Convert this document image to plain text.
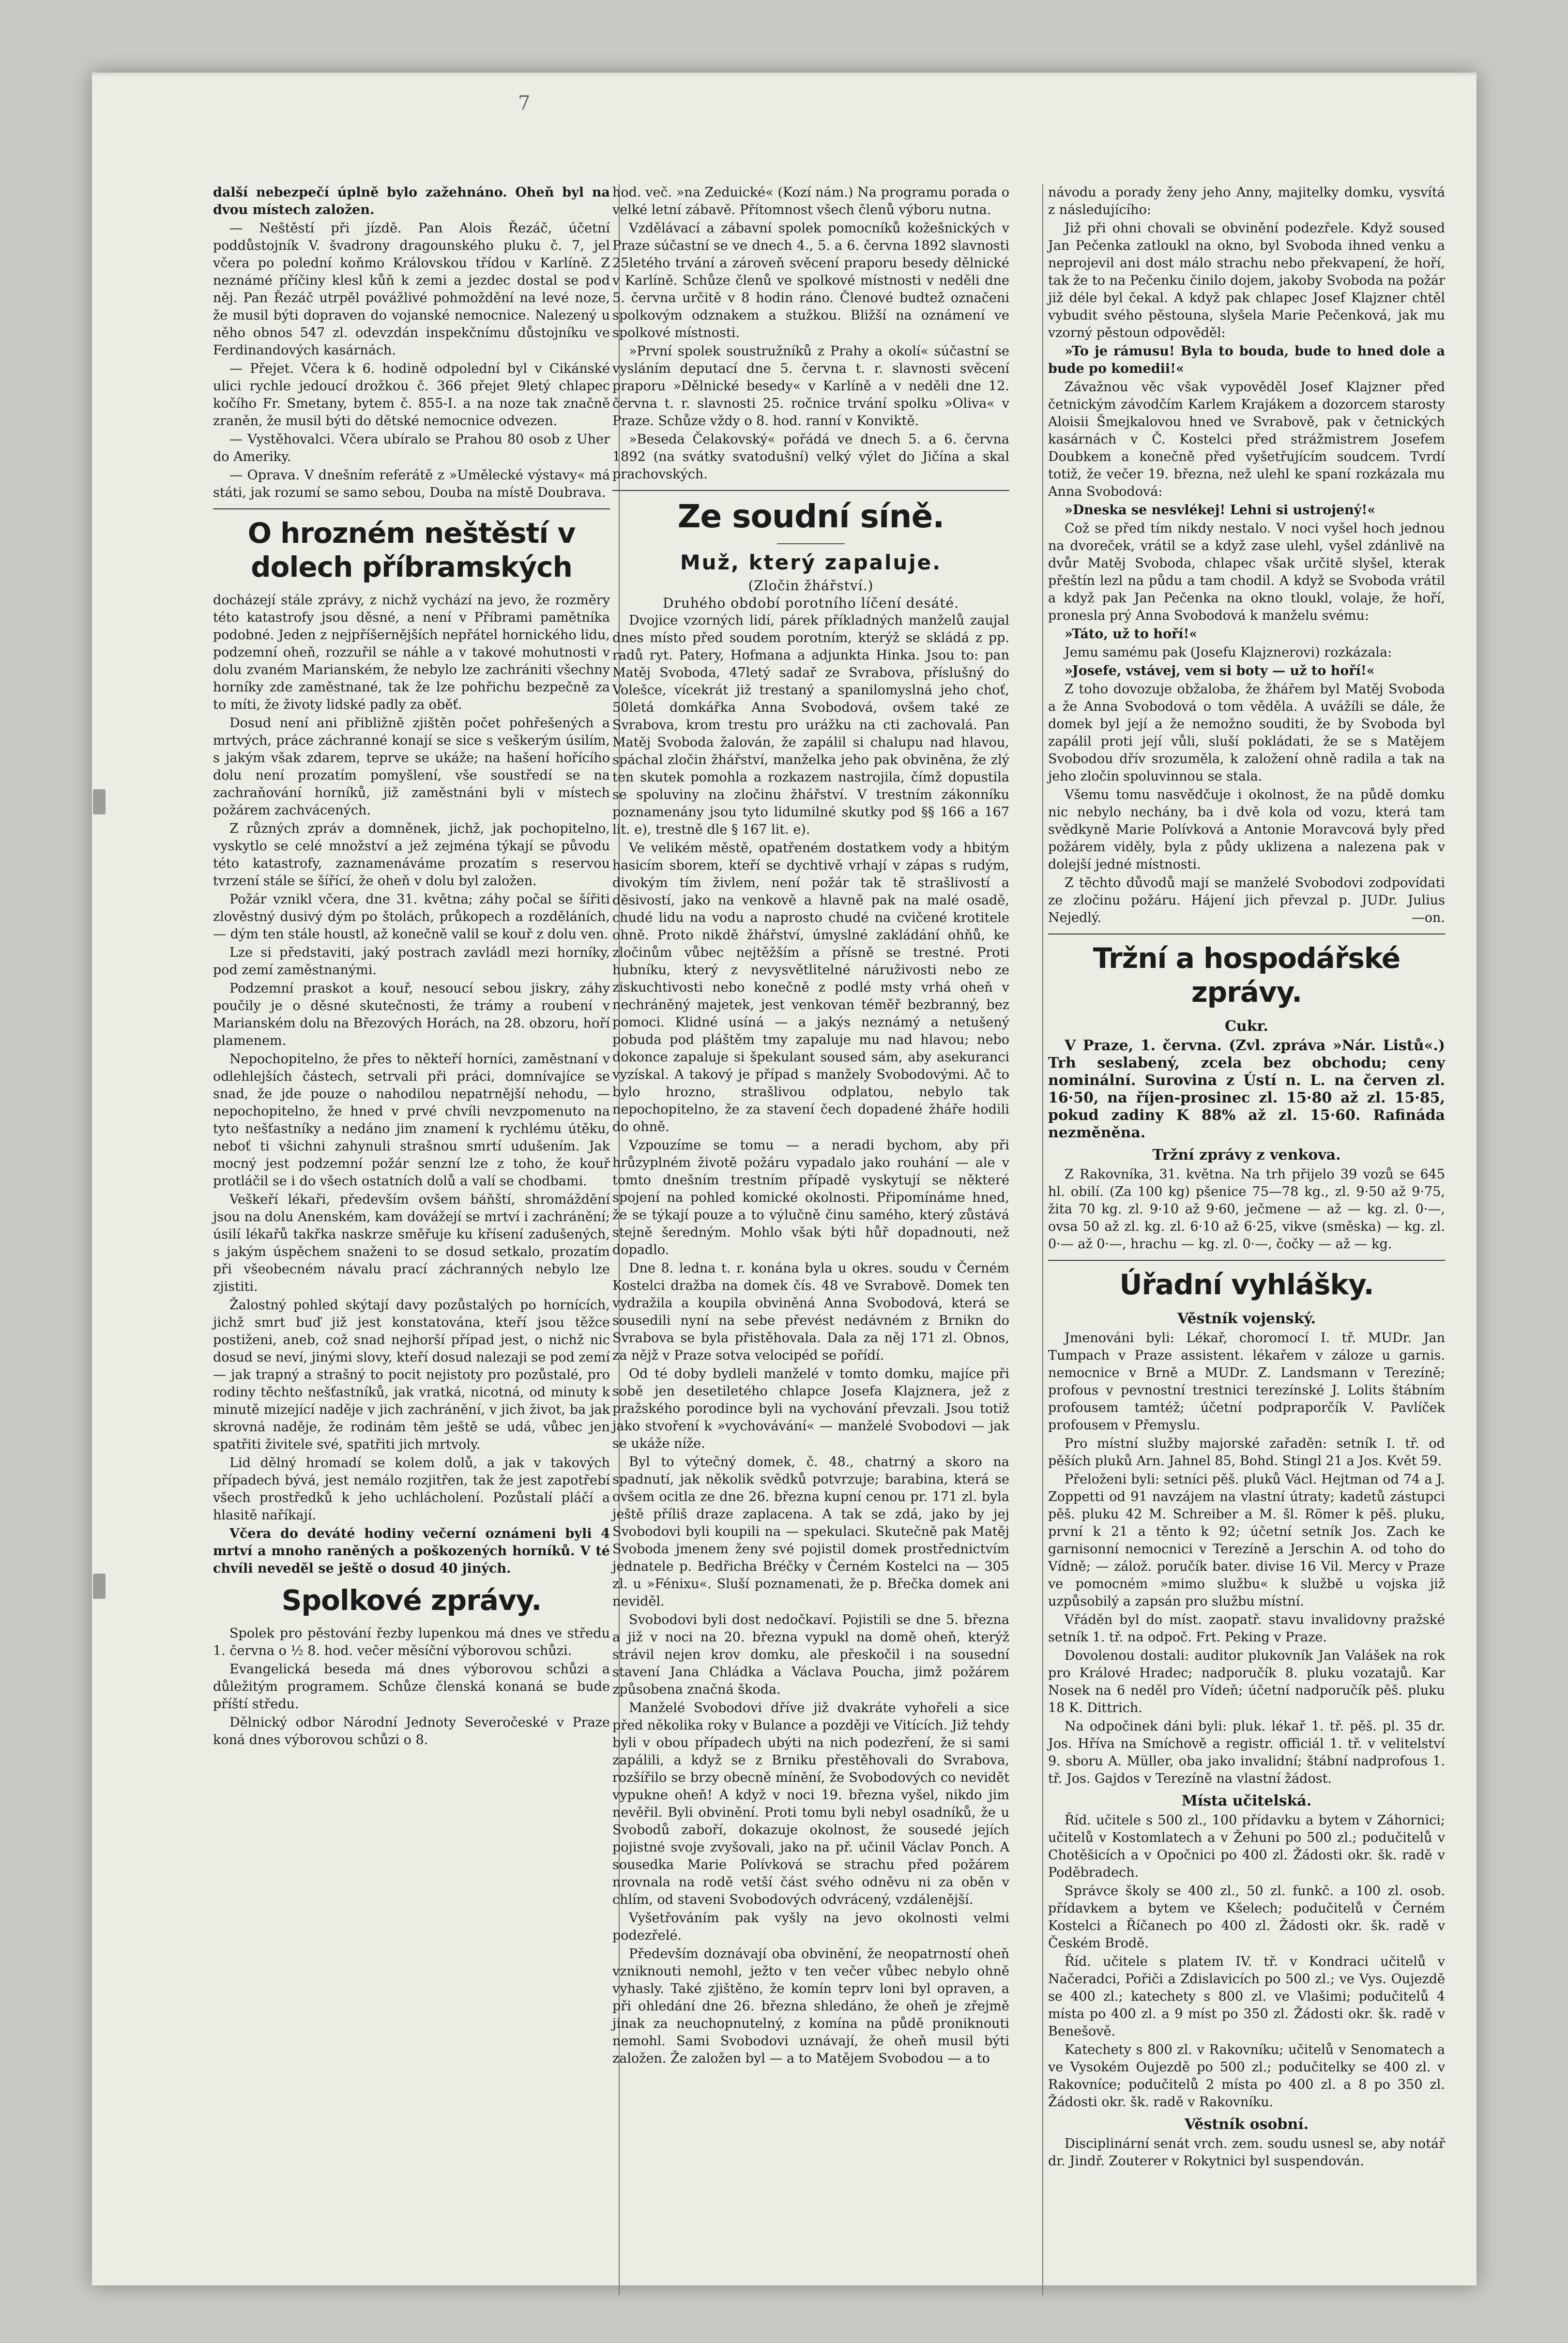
7

další nebezpečí úplně bylo zažehnáno. Oheň byl na dvou místech založen.

— Neštěstí při jízdě. Pan Alois Řezáč, účetní poddůstojník V. švadrony dragounského pluku č. 7, jel včera po polední koňmo Královskou třídou v Karlíně. Z neznámé příčiny klesl kůň k zemi a jezdec dostal se pod něj. Pan Řezáč utrpěl povážlivé pohmoždění na levé noze, že musil býti dopraven do vojanské nemocnice. Nalezený u něho obnos 547 zl. odevzdán inspekčnímu důstojníku ve Ferdinandových kasárnách.

— Přejet. Včera k 6. hodině odpolední byl v Cikánské ulici rychle jedoucí drožkou č. 366 přejet 9letý chlapec kočího Fr. Smetany, bytem č. 855-I. a na noze tak značně zraněn, že musil býti do dětské nemocnice odvezen.

— Vystěhovalci. Včera ubíralo se Prahou 80 osob z Uher do Ameriky.

— Oprava. V dnešním referátě z »Umělecké výstavy« má státi, jak rozumí se samo sebou, Douba na místě Doubrava.

O hrozném neštěstí v dolech příbramských

docházejí stále zprávy, z nichž vychází na jevo, že rozměry této katastrofy jsou děsné, a není v Příbrami pamětníka podobné. Jeden z nejpříšernějších nepřátel hornického lidu, podzemní oheň, rozzuřil se náhle a v takové mohutnosti v dolu zvaném Marianském, že nebylo lze zachrániti všechny horníky zde zaměstnané, tak že lze pohřichu bezpečně za to míti, že životy lidské padly za oběť.

Dosud není ani přibližně zjištěn počet pohřešených a mrtvých, práce záchranné konají se sice s veškerým úsilím, s jakým však zdarem, teprve se ukáže; na hašení hořícího dolu není prozatím pomyšlení, vše soustředí se na zachraňování horníků, již zaměstnáni byli v místech požárem zachvácených.

Z různých zpráv a domněnek, jichž, jak pochopitelno, vyskytlo se celé množství a jež zejména týkají se původu této katastrofy, zaznamenáváme prozatím s reservou tvrzení stále se šířící, že oheň v dolu byl založen.

Požár vznikl včera, dne 31. května; záhy počal se šířiti zlověstný dusivý dým po štolách, průkopech a rozděláních, — dým ten stále houstl, až konečně valil se kouř z dolu ven.

Lze si představiti, jaký postrach zavládl mezi horníky, pod zemí zaměstnanými.

Podzemní praskot a kouř, nesoucí sebou jiskry, záhy poučily je o děsné skutečnosti, že trámy a roubení v Marianském dolu na Březových Horách, na 28. obzoru, hoří plamenem.

Nepochopitelno, že přes to někteří horníci, zaměstnaní v odlehlejších částech, setrvali při práci, domnívajíce se snad, že jde pouze o nahodilou nepatrnější nehodu, — nepochopitelno, že hned v prvé chvíli nevzpomenuto na tyto nešťastníky a nedáno jim znamení k rychlému útěku, neboť ti všichni zahynuli strašnou smrtí udušením. Jak mocný jest podzemní požár senzní lze z toho, že kouř protláčil se i do všech ostatních dolů a valí se chodbami.

Veškeří lékaři, především ovšem báňští, shromáždění jsou na dolu Anenském, kam dovážejí se mrtví i zachránění; úsilí lékařů takřka naskrze směřuje ku křísení zadušených, s jakým úspěchem snaženi to se dosud setkalo, prozatím při všeobecném návalu prací záchranných nebylo lze zjistiti.

Žalostný pohled skýtají davy pozůstalých po hornících, jichž smrt buď již jest konstatována, kteří jsou těžce postiženi, aneb, což snad nejhorší případ jest, o nichž nic dosud se neví, jinými slovy, kteří dosud nalezaji se pod zemí — jak trapný a strašný to pocit nejistoty pro pozůstalé, pro rodiny těchto nešťastníků, jak vratká, nicotná, od minuty k minutě mizející naděje v jich zachránění, v jich život, ba jak skrovná naděje, že rodinám těm ještě se udá, vůbec jen spatřiti živitele své, spatřiti jich mrtvoly.

Lid dělný hromadí se kolem dolů, a jak v takových případech bývá, jest nemálo rozjitřen, tak že jest zapotřebí všech prostředků k jeho uchlácholení. Pozůstalí pláčí a hlasitě naříkají.

Včera do deváté hodiny večerní oznámeni byli 4 mrtví a mnoho raněných a poškozených horníků. V té chvíli neveděl se ještě o dosud 40 jiných.

Spolkové zprávy.

Spolek pro pěstování řezby lupenkou má dnes ve středu 1. června o ½ 8. hod. večer měsíční výborovou schůzi.

Evangelická beseda má dnes výborovou schůzi a důležitým programem. Schůze členská konaná se bude příští středu.

Dělnický odbor Národní Jednoty Severočeské v Praze koná dnes výborovou schůzi o 8.

hod. več. »na Zeduické« (Kozí nám.) Na programu porada o velké letní zábavě. Přítomnost všech členů výboru nutna.

Vzdělávací a zábavní spolek pomocníků kožešnických v Praze súčastní se ve dnech 4., 5. a 6. června 1892 slavnosti 25letého trvání a zároveň svěcení praporu besedy dělnické v Karlíně. Schůze členů ve spolkové místnosti v neděli dne 5. června určitě v 8 hodin ráno. Členové budtež označeni spolkovým odznakem a stužkou. Bližší na oznámení ve spolkové místnosti.

»První spolek soustružníků z Prahy a okolí« súčastní se vysláním deputací dne 5. června t. r. slavnosti svěcení praporu »Dělnické besedy« v Karlíně a v neděli dne 12. června t. r. slavnosti 25. ročnice trvání spolku »Oliva« v Praze. Schůze vždy o 8. hod. ranní v Konviktě.

»Beseda Čelakovský« pořádá ve dnech 5. a 6. června 1892 (na svátky svatodušní) velký výlet do Jičína a skal prachovských.

Ze soudní síně.
Muž, který zapaluje.
(Zločin žhářství.)
Druhého období porotního líčení desáté.

Dvojice vzorných lidí, párek příkladných manželů zaujal dnes místo před soudem porotním, kterýž se skládá z pp. radů ryt. Patery, Hofmana a adjunkta Hinka. Jsou to: pan Matěj Svoboda, 47letý sadař ze Svrabova, příslušný do Volešce, vícekrát již trestaný a spanilomyslná jeho choť, 50letá domkářka Anna Svobodová, ovšem také ze Svrabova, krom trestu pro urážku na cti zachovalá. Pan Matěj Svoboda žalován, že zapálil si chalupu nad hlavou, spáchal zločin žhářství, manželka jeho pak obviněna, že zlý ten skutek pomohla a rozkazem nastrojila, čímž dopustila se spoluviny na zločinu žhářství. V trestním zákonníku poznamenány jsou tyto lidumilné skutky pod §§ 166 a 167 lit. e), trestně dle § 167 lit. e).

Ve velikém městě, opatřeném dostatkem vody a hbitým hasicím sborem, kteří se dychtivě vrhají v zápas s rudým, divokým tím živlem, není požár tak tě strašlivostí a děsivostí, jako na venkově a hlavně pak na malé osadě, chudé lidu na vodu a naprosto chudé na cvičené krotitele ohně. Proto nikdě žhářství, úmyslné zakládání ohňů, ke zločinům vůbec nejtěžším a přísně se trestné. Proti hubníku, který z nevysvětlitelné náruživosti nebo ze ziskuchtivosti nebo konečně z podlé msty vrhá oheň v nechráněný majetek, jest venkovan téměř bezbranný, bez pomoci. Klidné usíná — a jakýs neznámý a netušený pobuda pod pláštěm tmy zapaluje mu nad hlavou; nebo dokonce zapaluje si špekulant soused sám, aby asekuranci vyzískal. A takový je případ s manžely Svobodovými. Ač to bylo hrozno, strašlivou odplatou, nebylo tak nepochopitelno, že za stavení čech dopadené žháře hodili do ohně.

Vzpouzíme se tomu — a neradi bychom, aby při hrůzyplném životě požáru vypadalo jako rouhání — ale v tomto dnešním trestním případě vyskytují se některé spojení na pohled komické okolnosti. Připomínáme hned, že se týkají pouze a to výlučně činu samého, který zůstává stejně šeredným. Mohlo však býti hůř dopadnouti, než dopadlo.

Dne 8. ledna t. r. konána byla u okres. soudu v Černém Kostelci dražba na domek čís. 48 ve Svrabově. Domek ten vydražila a koupila obviněná Anna Svobodová, která se sousedili nyní na sebe převést nedávném z Brnikn do Svrabova se byla přistěhovala. Dala za něj 171 zl. Obnos, za nějž v Praze sotva velocipéd se pořídí.

Od té doby bydleli manželé v tomto domku, majíce při sobě jen desetiletého chlapce Josefa Klajznera, jež z pražského porodince byli na vychování převzali. Jsou totiž jako stvoření k »vychovávání« — manželé Svobodovi — jak se ukáže níže.

Byl to výtečný domek, č. 48., chatrný a skoro na spadnutí, jak několik svědků potvrzuje; barabina, která se ovšem ocitla ze dne 26. března kupní cenou pr. 171 zl. byla ještě příliš draze zaplacena. A tak se zdá, jako by jej Svobodovi byli koupili na — spekulaci. Skutečně pak Matěj Svoboda jmenem ženy své pojistil domek prostřednictvím jednatele p. Bedřicha Bréčky v Černém Kostelci na — 305 zl. u »Fénixu«. Sluší poznamenati, že p. Břečka domek ani neviděl.

Svobodovi byli dost nedočkaví. Pojistili se dne 5. března a již v noci na 20. března vypukl na domě oheň, kterýž strávil nejen krov domku, ale přeskočil i na sousední stavení Jana Chládka a Václava Poucha, jimž požárem způsobena značná škoda.

Manželé Svobodovi dříve již dvakráte vyhořeli a sice před několika roky v Bulance a později ve Vitících. Již tehdy byli v obou případech ubýti na nich podezření, že si sami zapálili, a když se z Brniku přestěhovali do Svrabova, rozšířilo se brzy obecně mínění, že Svobodových co nevidět vypukne oheň! A když v noci 19. března vyšel, nikdo jim nevěřil. Byli obvinění. Proti tomu byli nebyl osadníků, že u Svobodů zaboří, dokazuje okolnost, že sousedé jejích pojistné svoje zvyšovali, jako na př. učinil Václav Ponch. A sousedka Marie Polívková se strachu před požárem nrovnala na rodě vetší část svého odněvu ni za oběn v chlím, od staveni Svobodových odvrácený, vzdálenější.

Vyšetřováním pak vyšly na jevo okolnosti velmi podezřelé.

Především doznávají oba obvinění, že neopatrností oheň vzniknouti nemohl, ježto v ten večer vůbec nebylo ohně vyhasly. Také zjištěno, že komín teprv loni byl opraven, a při ohledání dne 26. března shledáno, že oheň je zřejmě jinak za neuchopnutelný, z komína na půdě proniknouti nemohl. Sami Svobodovi uznávají, že oheň musil býti založen. Že založen byl — a to Matějem Svobodou — a to

návodu a porady ženy jeho Anny, majitelky domku, vysvítá z následujícího:

Již při ohni chovali se obvinění podezřele. Když soused Jan Pečenka zatloukl na okno, byl Svoboda ihned venku a neprojevil ani dost málo strachu nebo překvapení, že hoří, tak že to na Pečenku činilo dojem, jakoby Svoboda na požár již déle byl čekal. A když pak chlapec Josef Klajzner chtěl vybudit svého pěstouna, slyšela Marie Pečenková, jak mu vzorný pěstoun odpověděl:

»To je rámusu! Byla to bouda, bude to hned dole a bude po komedii!«

Závažnou věc však vypověděl Josef Klajzner před četnickým závodčím Karlem Krajákem a dozorcem starosty Aloisii Šmejkalovou hned ve Svrabově, pak v četnických kasárnách v Č. Kostelci před strážmistrem Josefem Doubkem a konečně před vyšetřujícím soudcem. Tvrdí totiž, že večer 19. března, než ulehl ke spaní rozkázala mu Anna Svobodová:

»Dneska se nesvlékej! Lehni si ustrojený!«

Což se před tím nikdy nestalo. V noci vyšel hoch jednou na dvoreček, vrátil se a když zase ulehl, vyšel zdánlivě na dvůr Matěj Svoboda, chlapec však určitě slyšel, kterak přeštín lezl na půdu a tam chodil. A když se Svoboda vrátil a když pak Jan Pečenka na okno tloukl, volaje, že hoří, pronesla prý Anna Svobodová k manželu svému:

»Táto, už to hoří!«

Jemu samému pak (Josefu Klajznerovi) rozkázala:

»Josefe, vstávej, vem si boty — už to hoří!«

Z toho dovozuje obžaloba, že žhářem byl Matěj Svoboda a že Anna Svobodová o tom věděla. A uvážíli se dále, že domek byl její a že nemožno souditi, že by Svoboda byl zapálil proti její vůli, sluší pokládati, že se s Matějem Svobodou dřív srozuměla, k založení ohně radila a tak na jeho zločin spoluvinnou se stala.

Všemu tomu nasvědčuje i okolnost, že na půdě domku nic nebylo nechány, ba i dvě kola od vozu, která tam svědkyně Marie Polívková a Antonie Moravcová byly před požárem viděly, byla z půdy uklizena a nalezena pak v dolejší jedné místnosti.

Z těchto důvodů mají se manželé Svobodovi zodpovídati ze zločinu požáru. Hájení jich převzal p. JUDr. Julius Nejedlý.	—on.

Tržní a hospodářské zprávy.
Cukr.

V Praze, 1. června. (Zvl. zpráva »Nár. Listů«.) Trh seslabený, zcela bez obchodu; ceny nominální. Surovina z Ústí n. L. na červen zl. 16·50, na říjen-prosinec zl. 15·80 až zl. 15·85, pokud zadiny K 88% až zl. 15·60. Rafináda nezměněna.

Tržní zprávy z venkova.

Z Rakovníka, 31. května. Na trh přijelo 39 vozů se 645 hl. obilí. (Za 100 kg) pšenice 75—78 kg., zl. 9·50 až 9·75, žita 70 kg. zl. 9·10 až 9·60, ječmene — až — kg. zl. 0·—, ovsa 50 až zl. kg. zl. 6·10 až 6·25, vikve (směska) — kg. zl. 0·— až 0·—, hrachu — kg. zl. 0·—, čočky — až — kg.

Úřadní vyhlášky.
Věstník vojenský.

Jmenováni byli: Lékař, choromocí I. tř. MUDr. Jan Tumpach v Praze assistent. lékařem v záloze u garnis. nemocnice v Brně a MUDr. Z. Landsmann v Terezíně; profous v pevnostní trestnici terezínské J. Lolits štábním profousem tamtéž; účetní podpraporčík V. Pavlíček profousem v Přemyslu.

Pro místní služby majorské zařaděn: setník I. tř. od pěších pluků Arn. Jahnel 85, Bohd. Stingl 21 a Jos. Květ 59.

Přeloženi byli: setníci pěš. pluků Václ. Hejtman od 74 a J. Zoppetti od 91 navzájem na vlastní útraty; kadetů zástupci pěš. pluku 42 M. Schreiber a M. šl. Römer k pěš. pluku, první k 21 a těnto k 92; účetní setník Jos. Zach ke garnisonní nemocnici v Terezíně a Jerschin A. od toho do Vídně; — zálož. poručík bater. divise 16 Vil. Mercy v Praze ve pomocném »mimo službu« k službě u vojska již uzpůsobilý a zapsán pro službu místní.

Vřáděn byl do míst. zaopatř. stavu invalidovny pražské setník 1. tř. na odpoč. Frt. Peking v Praze.

Dovolenou dostali: auditor plukovník Jan Valášek na rok pro Králové Hradec; nadporučík 8. pluku vozatajů. Kar Nosek na 6 neděl pro Vídeň; účetní nadporučík pěš. pluku 18 K. Dittrich.

Na odpočinek dáni byli: pluk. lékař 1. tř. pěš. pl. 35 dr. Jos. Hříva na Smíchově a registr. officiál 1. tř. v velitelství 9. sboru A. Müller, oba jako invalidní; štábní nadprofous 1. tř. Jos. Gajdos v Terezíně na vlastní žádost.

Místa učitelská.

Říd. učitele s 500 zl., 100 přídavku a bytem v Záhornici; učitelů v Kostomlatech a v Žehuni po 500 zl.; podučitelů v Chotěšicích a v Opočnici po 400 zl. Žádosti okr. šk. radě v Poděbradech.

Správce školy se 400 zl., 50 zl. funkč. a 100 zl. osob. přídavkem a bytem ve Kšelech; podučitelů v Černém Kostelci a Říčanech po 400 zl. Žádosti okr. šk. radě v Českém Brodě.

Říd. učitele s platem IV. tř. v Kondraci učitelů v Načeradci, Pořiči a Zdislavicích po 500 zl.; ve Vys. Oujezdě se 400 zl.; katechety s 800 zl. ve Vlašimi; podučitelů 4 místa po 400 zl. a 9 míst po 350 zl. Žádosti okr. šk. radě v Benešově.

Katechety s 800 zl. v Rakovníku; učitelů v Senomatech a ve Vysokém Oujezdě po 500 zl.; podučitelky se 400 zl. v Rakovníce; podučitelů 2 místa po 400 zl. a 8 po 350 zl. Žádosti okr. šk. radě v Rakovníku.

Věstník osobní.

Disciplinární senát vrch. zem. soudu usnesl se, aby notář dr. Jindř. Zouterer v Rokytnici byl suspendován.
